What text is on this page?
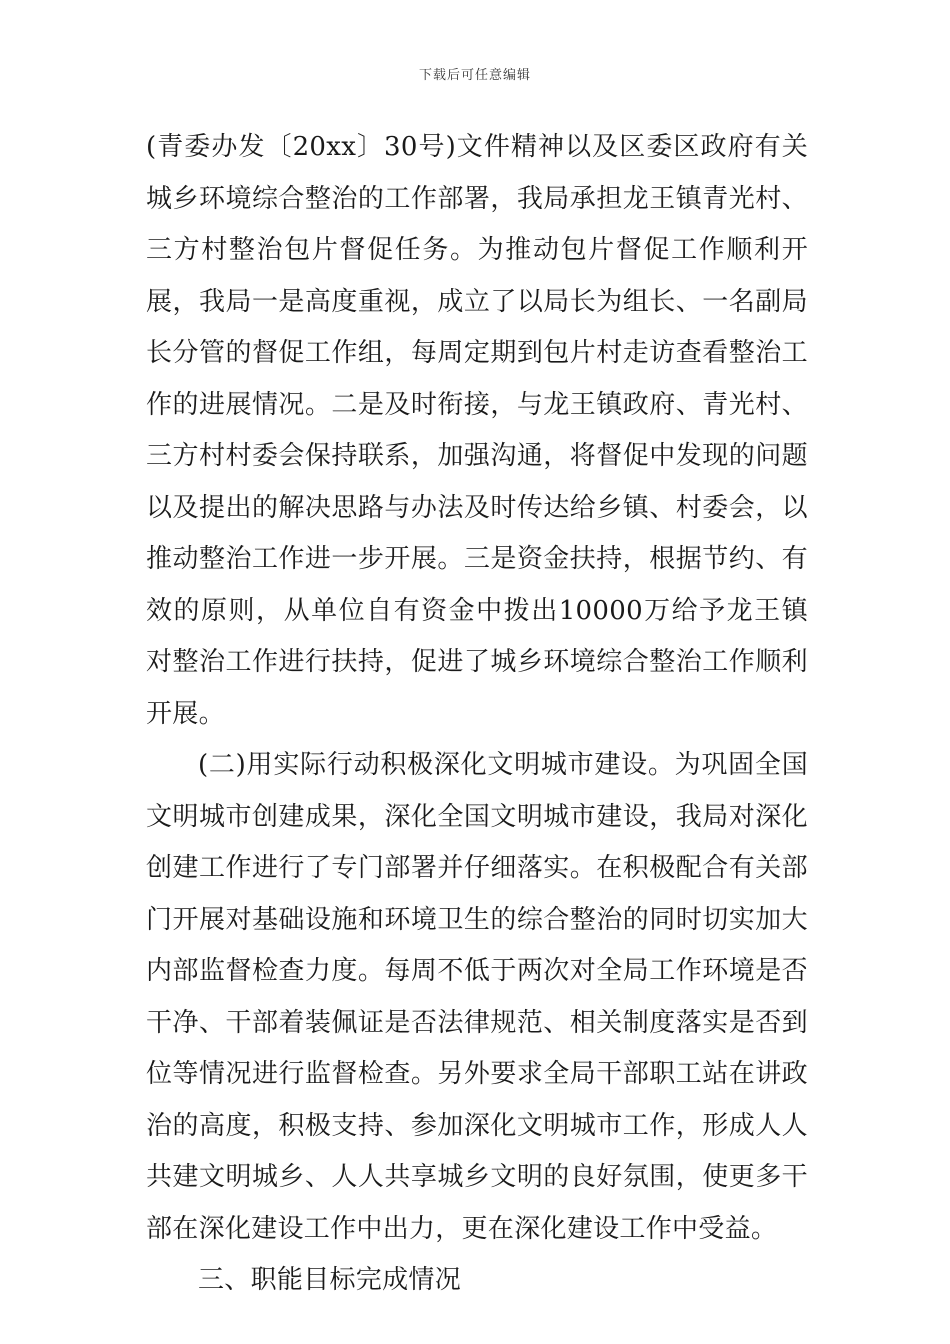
下载后可任意编辑

(青委办发〔20xx〕30号)文件精神以及区委区政府有关城乡环境综合整治的工作部署，我局承担龙王镇青光村、三方村整治包片督促任务。为推动包片督促工作顺利开展，我局一是高度重视，成立了以局长为组长、一名副局长分管的督促工作组，每周定期到包片村走访查看整治工作的进展情况。二是及时衔接，与龙王镇政府、青光村、三方村村委会保持联系，加强沟通，将督促中发现的问题以及提出的解决思路与办法及时传达给乡镇、村委会，以推动整治工作进一步开展。三是资金扶持，根据节约、有效的原则，从单位自有资金中拨出10000万给予龙王镇对整治工作进行扶持，促进了城乡环境综合整治工作顺利开展。

(二)用实际行动积极深化文明城市建设。为巩固全国文明城市创建成果，深化全国文明城市建设，我局对深化创建工作进行了专门部署并仔细落实。在积极配合有关部门开展对基础设施和环境卫生的综合整治的同时切实加大内部监督检查力度。每周不低于两次对全局工作环境是否干净、干部着装佩证是否法律规范、相关制度落实是否到位等情况进行监督检查。另外要求全局干部职工站在讲政治的高度，积极支持、参加深化文明城市工作，形成人人共建文明城乡、人人共享城乡文明的良好氛围，使更多干部在深化建设工作中出力，更在深化建设工作中受益。

三、职能目标完成情况
